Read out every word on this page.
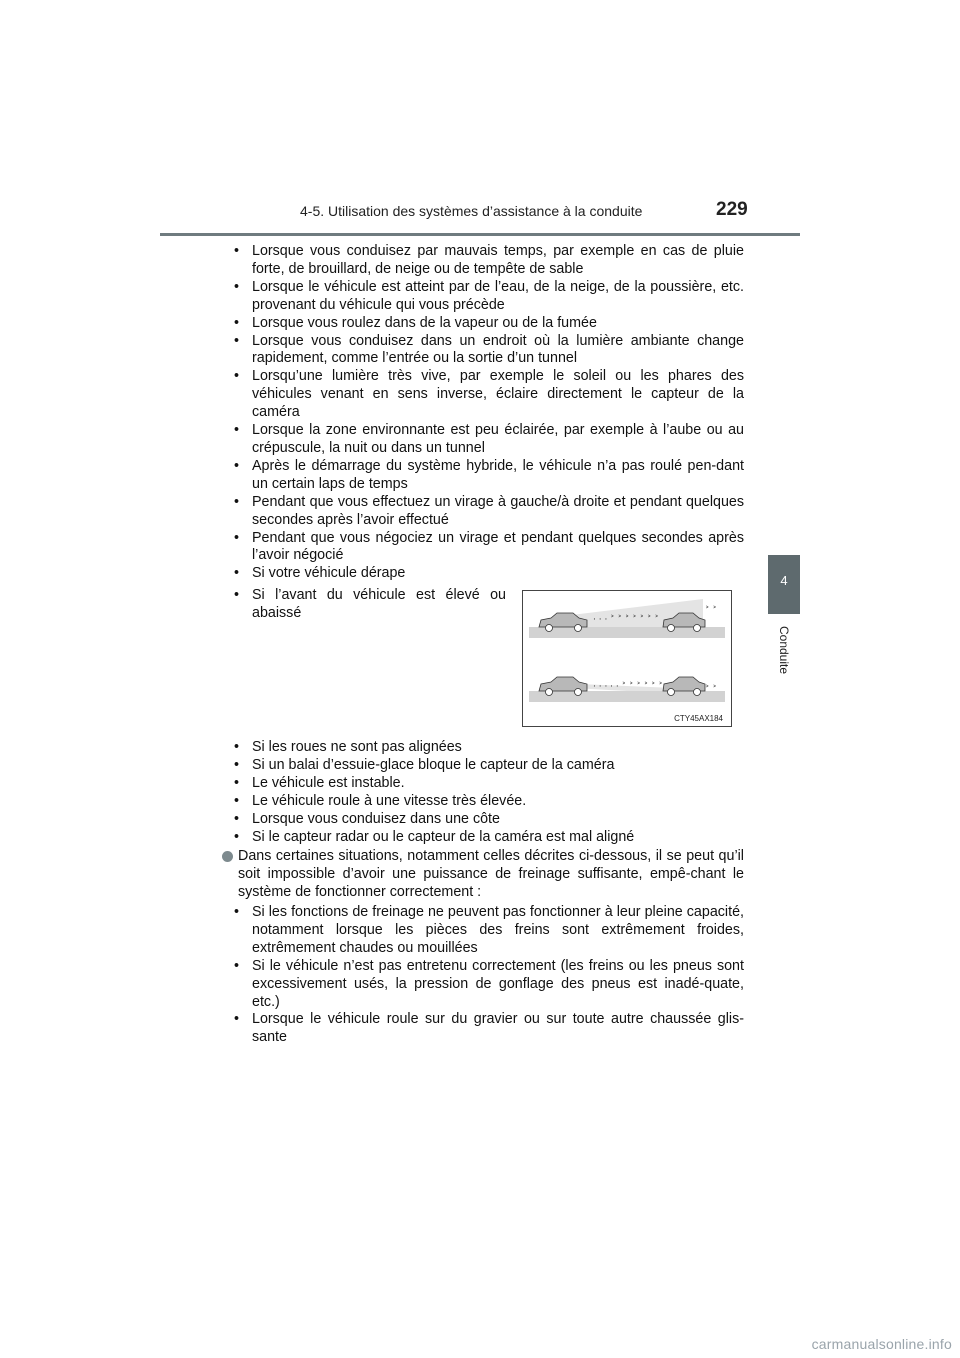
4-5. Utilisation des systèmes d’assistance à la conduite	229
4
Conduite
• Lorsque vous conduisez par mauvais temps, par exemple en cas de pluie forte, de brouillard, de neige ou de tempête de sable
• Lorsque le véhicule est atteint par de l’eau, de la neige, de la poussière, etc. provenant du véhicule qui vous précède
• Lorsque vous roulez dans de la vapeur ou de la fumée
• Lorsque vous conduisez dans un endroit où la lumière ambiante change rapidement, comme l’entrée ou la sortie d’un tunnel
• Lorsqu’une lumière très vive, par exemple le soleil ou les phares des véhicules venant en sens inverse, éclaire directement le capteur de la caméra
• Lorsque la zone environnante est peu éclairée, par exemple à l’aube ou au crépuscule, la nuit ou dans un tunnel
• Après le démarrage du système hybride, le véhicule n’a pas roulé pen-dant un certain laps de temps
• Pendant que vous effectuez un virage à gauche/à droite et pendant quelques secondes après l’avoir effectué
• Pendant que vous négociez un virage et pendant quelques secondes après l’avoir négocié
• Si votre véhicule dérape
• Si l’avant du véhicule est élevé ou abaissé	· · · ˃ ˃ ˃ ˃ ˃ ˃ ˃
˃ ˃
· · · · · ˃ ˃ ˃ ˃ ˃ ˃	˃ ˃
CTY45AX184
• Si les roues ne sont pas alignées
• Si un balai d’essuie-glace bloque le capteur de la caméra
• Le véhicule est instable.
• Le véhicule roule à une vitesse très élevée.
• Lorsque vous conduisez dans une côte
• Si le capteur radar ou le capteur de la caméra est mal aligné

Dans certaines situations, notamment celles décrites ci-dessous, il se peut qu’il soit impossible d’avoir une puissance de freinage suffisante, empê-chant le système de fonctionner correctement :

• Si les fonctions de freinage ne peuvent pas fonctionner à leur pleine capacité, notamment lorsque les pièces des freins sont extrêmement froides, extrêmement chaudes ou mouillées
• Si le véhicule n’est pas entretenu correctement (les freins ou les pneus sont excessivement usés, la pression de gonflage des pneus est inadé-quate, etc.)
• Lorsque le véhicule roule sur du gravier ou sur toute autre chaussée glis-sante
carmanualsonline.info
